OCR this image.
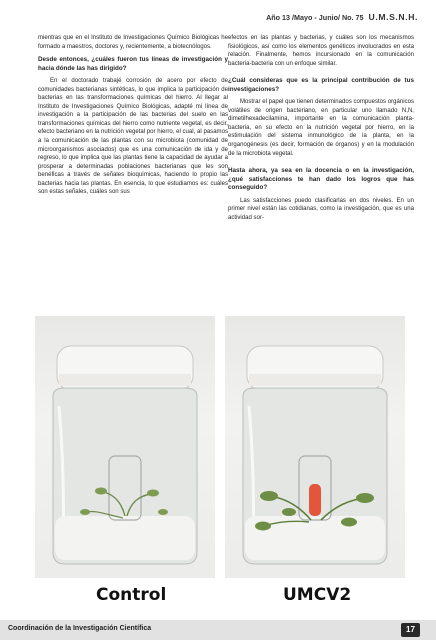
Año 13 /Mayo - Junio/ No. 75 U.M.S.N.H.

mientras que en el Instituto de Investigaciones Químico Biológicas he formado a maestros, doctores y, recientemente, a biotecnólogos.

Desde entonces, ¿cuáles fueron tus líneas de investigación y hacia dónde las has dirigido?

En el doctorado trabajé corrosión de acero por efecto de comunidades bacterianas sintéticas, lo que implica la participación de bacterias en las transformaciones químicas del hierro. Al llegar al Instituto de Investigaciones Químico Biológicas, adapté mi línea de investigación a la participación de las bacterias del suelo en las transformaciones químicas del hierro como nutriente vegetal, es decir, efecto bacteriano en la nutrición vegetal por hierro, el cual, al pasamos a la comunicación de las plantas con su microbiota (comunidad de microorganismos asociados) que es una comunicación de ida y de regreso, lo que implica que las plantas tiene la capacidad de ayudar a prosperar a determinadas poblaciones bacterianas que les son benéficas a través de señales bioquímicas, haciendo lo propio las bacterias hacia las plantas. En esencia, lo que estudiamos es: cuáles son estas señales, cuáles son sus

efectos en las plantas y bacterias, y cuáles son los mecanismos fisiológicos, así como los elementos genéticos involucrados en esta relación. Finalmente, hemos incursionado en la comunicación bacteria-bacteria con un enfoque similar.

¿Cuál consideras que es la principal contribución de tus investigaciones?

Mostrar el papel que tienen determinados compuestos orgánicos volátiles de origen bacteriano, en particular uno llamado N,N, dimetilhexadecilamina, importante en la comunicación planta-bacteria, en su efecto en la nutrición vegetal por hierro, en la estimulación del sistema inmunológico de la planta, en la organogénesis (es decir, formación de órganos) y en la modulación de la microbiota vegetal.

Hasta ahora, ya sea en la docencia o en la investigación, ¿qué satisfacciones te han dado los logros que has conseguido?

Las satisfacciones puedo clasificarlas en dos niveles. En un primer nivel están las cotidianas, como la investigación, que es una actividad sor-

Control	UMCV2
Coordinación de la Investigación Científica	17
